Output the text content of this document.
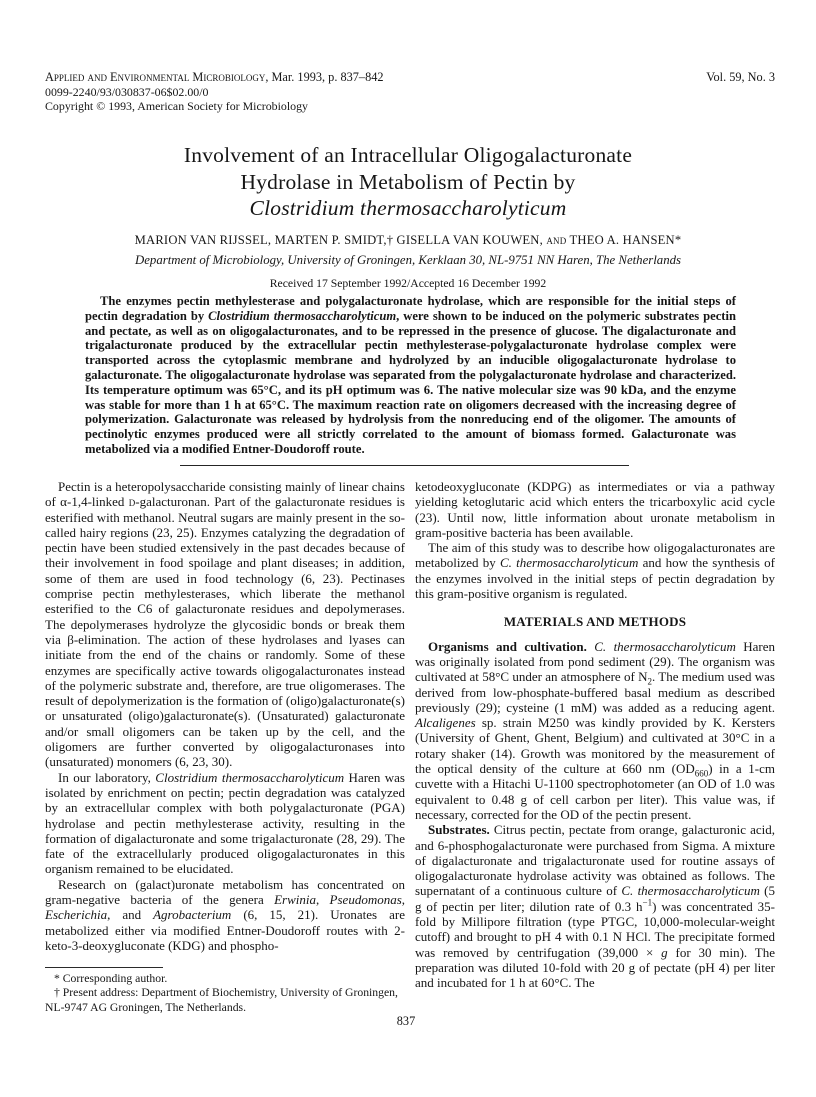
Applied and Environmental Microbiology, Mar. 1993, p. 837–842	Vol. 59, No. 3
0099-2240/93/030837-06$02.00/0
Copyright © 1993, American Society for Microbiology
Involvement of an Intracellular Oligogalacturonate
Hydrolase in Metabolism of Pectin by
Clostridium thermosaccharolyticum
MARION VAN RIJSSEL, MARTEN P. SMIDT,† GISELLA VAN KOUWEN, and THEO A. HANSEN*
Department of Microbiology, University of Groningen, Kerklaan 30, NL-9751 NN Haren, The Netherlands
Received 17 September 1992/Accepted 16 December 1992
The enzymes pectin methylesterase and polygalacturonate hydrolase, which are responsible for the initial steps of pectin degradation by Clostridium thermosaccharolyticum, were shown to be induced on the polymeric substrates pectin and pectate, as well as on oligogalacturonates, and to be repressed in the presence of glucose. The digalacturonate and trigalacturonate produced by the extracellular pectin methylesterase-polygalacturonate hydrolase complex were transported across the cytoplasmic membrane and hydrolyzed by an inducible oligogalacturonate hydrolase to galacturonate. The oligogalacturonate hydrolase was separated from the polygalacturonate hydrolase and characterized. Its temperature optimum was 65°C, and its pH optimum was 6. The native molecular size was 90 kDa, and the enzyme was stable for more than 1 h at 65°C. The maximum reaction rate on oligomers decreased with the increasing degree of polymerization. Galacturonate was released by hydrolysis from the nonreducing end of the oligomer. The amounts of pectinolytic enzymes produced were all strictly correlated to the amount of biomass formed. Galacturonate was metabolized via a modified Entner-Doudoroff route.

Pectin is a heteropolysaccharide consisting mainly of linear chains of α-1,4-linked d-galacturonan. Part of the galacturonate residues is esterified with methanol. Neutral sugars are mainly present in the so-called hairy regions (23, 25). Enzymes catalyzing the degradation of pectin have been studied extensively in the past decades because of their involvement in food spoilage and plant diseases; in addition, some of them are used in food technology (6, 23). Pectinases comprise pectin methylesterases, which liberate the methanol esterified to the C6 of galacturonate residues and depolymerases. The depolymerases hydrolyze the glycosidic bonds or break them via β-elimination. The action of these hydrolases and lyases can initiate from the end of the chains or randomly. Some of these enzymes are specifically active towards oligogalacturonates instead of the polymeric substrate and, therefore, are true oligomerases. The result of depolymerization is the formation of (oligo)galacturonate(s) or unsaturated (oligo)galacturonate(s). (Unsaturated) galacturonate and/or small oligomers can be taken up by the cell, and the oligomers are further converted by oligogalacturonases into (unsaturated) monomers (6, 23, 30).

In our laboratory, Clostridium thermosaccharolyticum Haren was isolated by enrichment on pectin; pectin degradation was catalyzed by an extracellular complex with both polygalacturonate (PGA) hydrolase and pectin methylesterase activity, resulting in the formation of digalacturonate and some trigalacturonate (28, 29). The fate of the extracellularly produced oligogalacturonates in this organism remained to be elucidated.

Research on (galact)uronate metabolism has concentrated on gram-negative bacteria of the genera Erwinia, Pseudomonas, Escherichia, and Agrobacterium (6, 15, 21). Uronates are metabolized either via modified Entner-Doudoroff routes with 2-keto-3-deoxygluconate (KDG) and phospho-

* Corresponding author.

† Present address: Department of Biochemistry, University of Groningen, NL-9747 AG Groningen, The Netherlands.

ketodeoxygluconate (KDPG) as intermediates or via a pathway yielding ketoglutaric acid which enters the tricarboxylic acid cycle (23). Until now, little information about uronate metabolism in gram-positive bacteria has been available.

The aim of this study was to describe how oligogalacturonates are metabolized by C. thermosaccharolyticum and how the synthesis of the enzymes involved in the initial steps of pectin degradation by this gram-positive organism is regulated.

MATERIALS AND METHODS

Organisms and cultivation. C. thermosaccharolyticum Haren was originally isolated from pond sediment (29). The organism was cultivated at 58°C under an atmosphere of $N_2$. The medium used was derived from low-phosphate-buffered basal medium as described previously (29); cysteine (1 mM) was added as a reducing agent. Alcaligenes sp. strain M250 was kindly provided by K. Kersters (University of Ghent, Ghent, Belgium) and cultivated at 30°C in a rotary shaker (14). Growth was monitored by the measurement of the optical density of the culture at 660 nm $(OD_{660})$ in a 1-cm cuvette with a Hitachi U-1100 spectrophotometer (an OD of 1.0 was equivalent to 0.48 g of cell carbon per liter). This value was, if necessary, corrected for the OD of the pectin present.

Substrates. Citrus pectin, pectate from orange, galacturonic acid, and 6-phosphogalacturonate were purchased from Sigma. A mixture of digalacturonate and trigalacturonate used for routine assays of oligogalacturonate hydrolase activity was obtained as follows. The supernatant of a continuous culture of C. thermosaccharolyticum (5 g of pectin per liter; dilution rate of 0.3 $h^{-1}$) was concentrated 35-fold by Millipore filtration (type PTGC, 10,000-molecular-weight cutoff) and brought to pH 4 with 0.1 N HCl. The precipitate formed was removed by centrifugation (39,000 × g for 30 min). The preparation was diluted 10-fold with 20 g of pectate (pH 4) per liter and incubated for 1 h at 60°C. The

837
